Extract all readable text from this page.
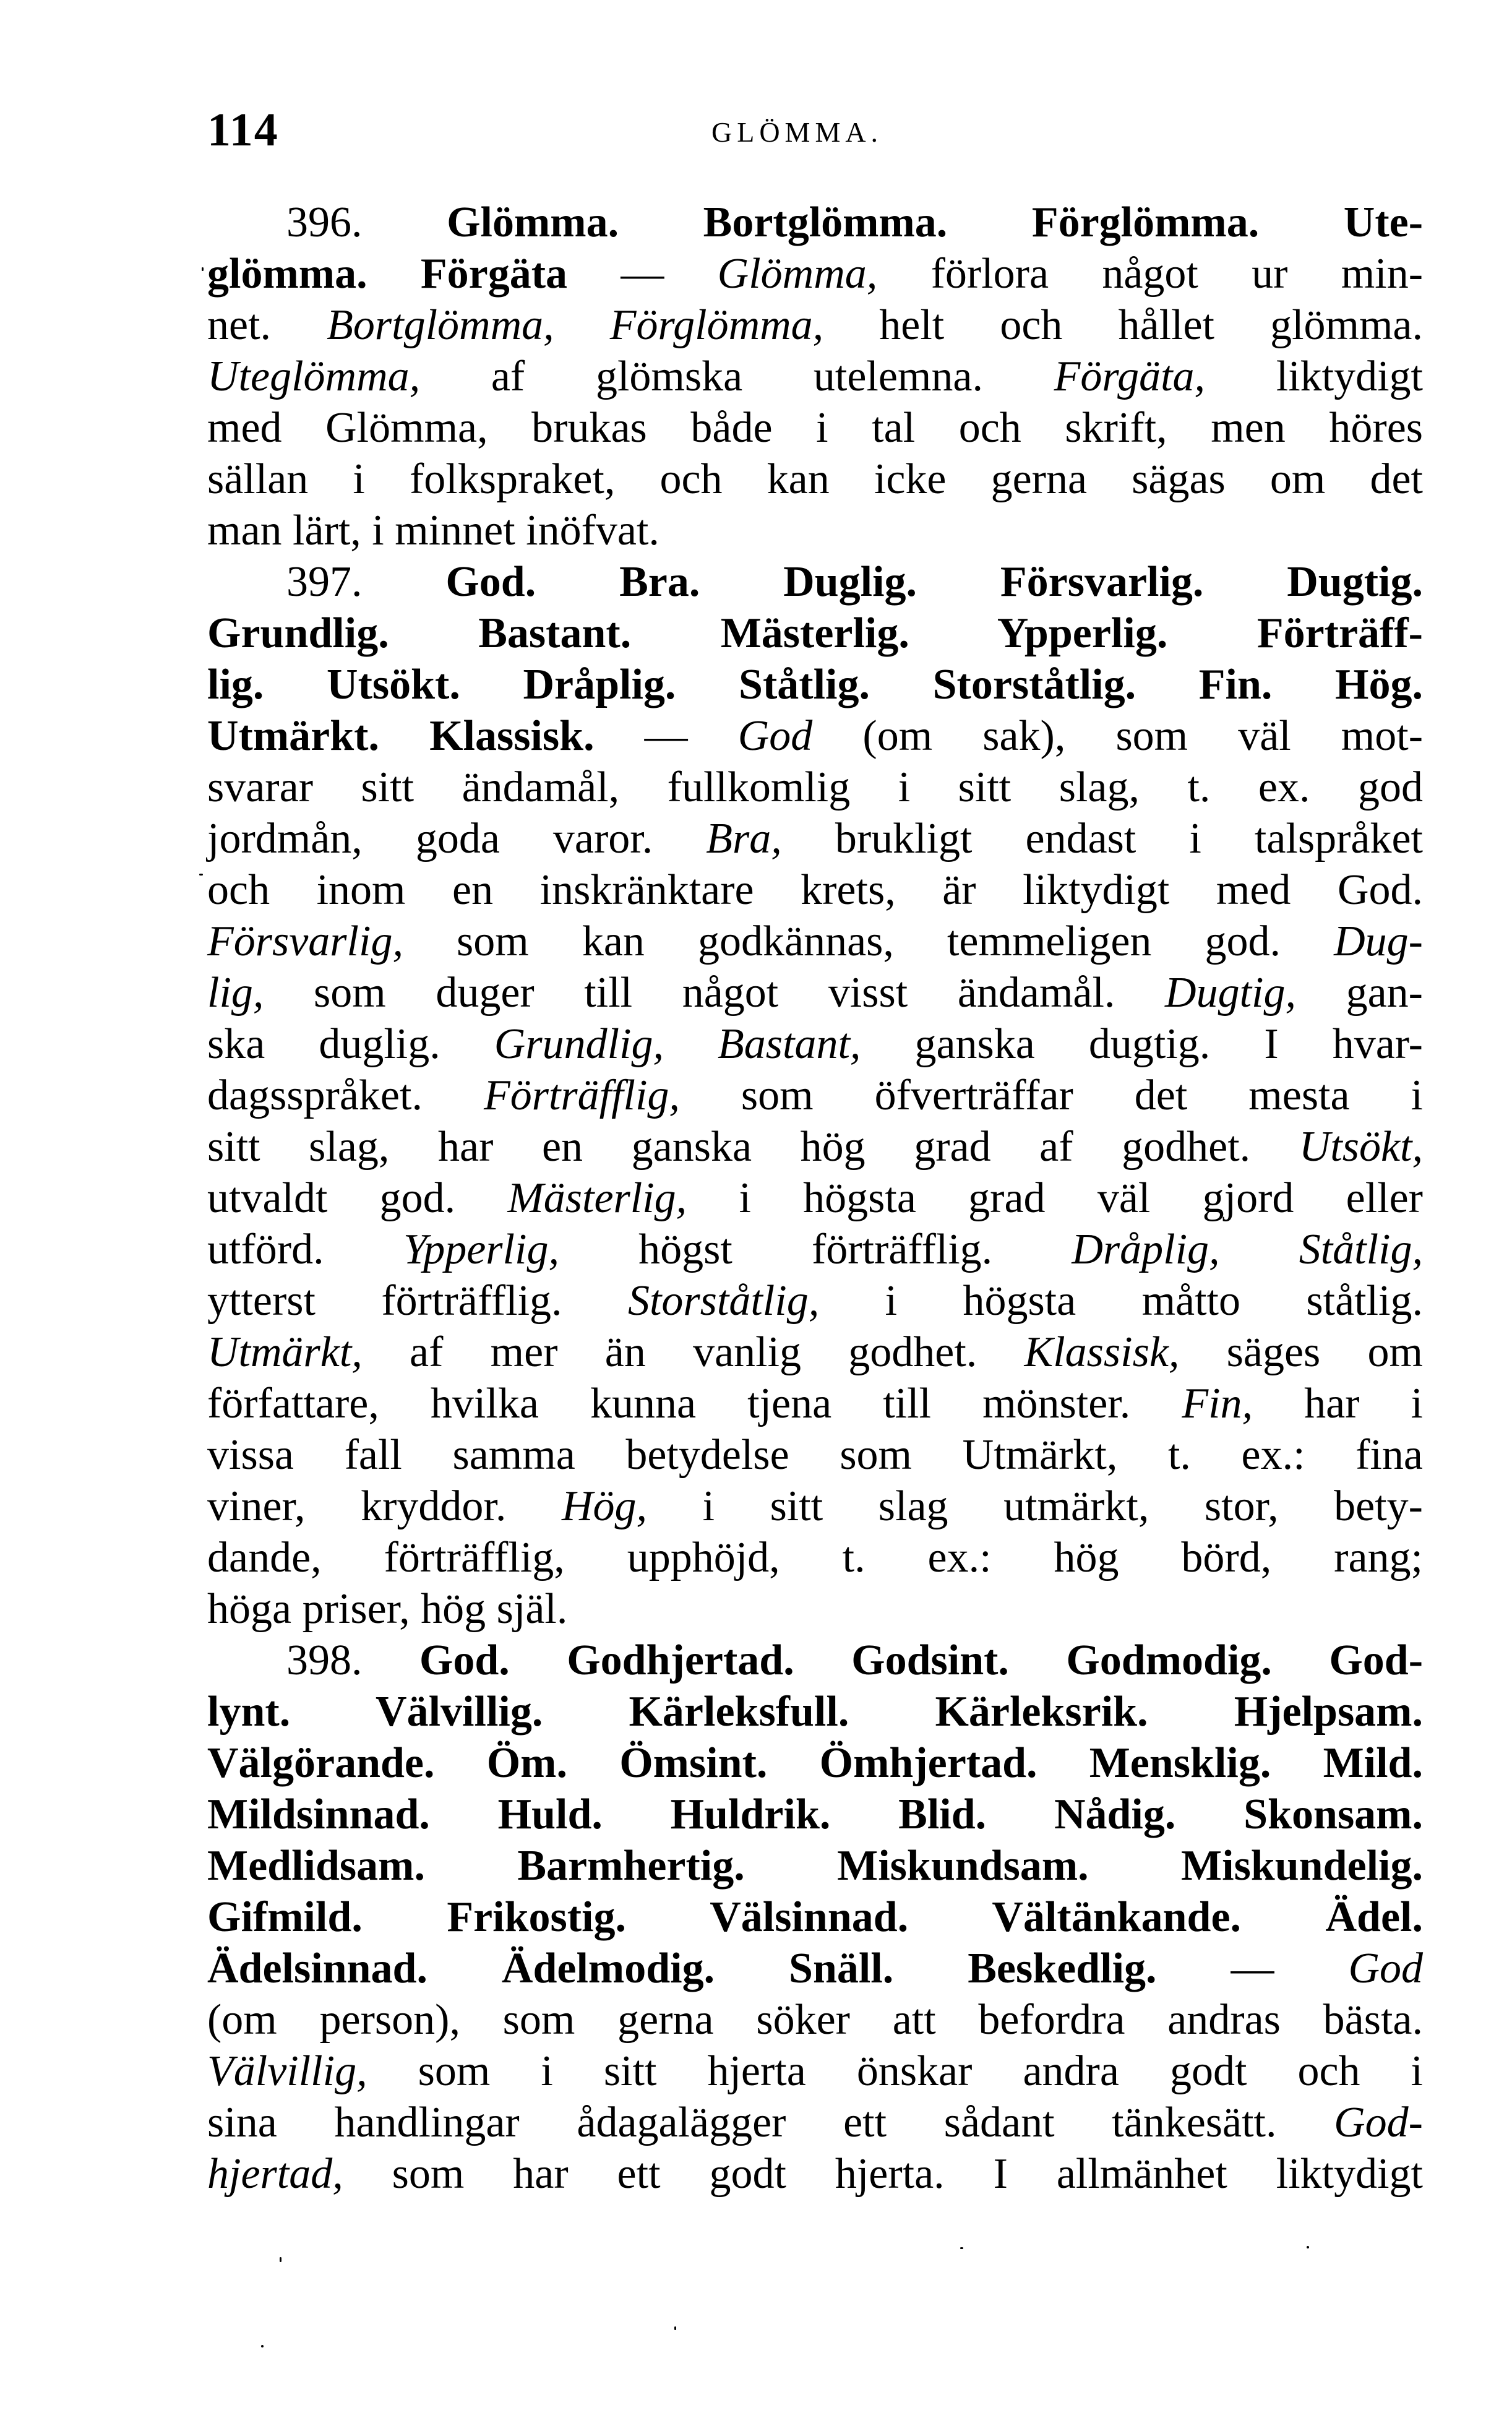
114	GLÖMMA.
396. Glömma. Bortglömma. Förglömma. Ute-
glömma. Förgäta — Glömma, förlora något ur min-
net. Bortglömma, Förglömma, helt och hållet glömma.
Uteglömma, af glömska utelemna. Förgäta, liktydigt
med Glömma, brukas både i tal och skrift, men höres
sällan i folkspraket, och kan icke gerna sägas om det
man lärt, i minnet inöfvat.
397. God. Bra. Duglig. Försvarlig. Dugtig.
Grundlig. Bastant. Mästerlig. Ypperlig. Förträff-
lig. Utsökt. Dråplig. Ståtlig. Storståtlig. Fin. Hög.
Utmärkt. Klassisk. — God (om sak), som väl mot-
svarar sitt ändamål, fullkomlig i sitt slag, t. ex. god
jordmån, goda varor. Bra, brukligt endast i talspråket
och inom en inskränktare krets, är liktydigt med God.
Försvarlig, som kan godkännas, temmeligen god. Dug-
lig, som duger till något visst ändamål. Dugtig, gan-
ska duglig. Grundlig, Bastant, ganska dugtig. I hvar-
dagsspråket. Förträfflig, som öfverträffar det mesta i
sitt slag, har en ganska hög grad af godhet. Utsökt,
utvaldt god. Mästerlig, i högsta grad väl gjord eller
utförd. Ypperlig, högst förträfflig. Dråplig, Ståtlig,
ytterst förträfflig. Storståtlig, i högsta måtto ståtlig.
Utmärkt, af mer än vanlig godhet. Klassisk, säges om
författare, hvilka kunna tjena till mönster. Fin, har i
vissa fall samma betydelse som Utmärkt, t. ex.: fina
viner, kryddor. Hög, i sitt slag utmärkt, stor, bety-
dande, förträfflig, upphöjd, t. ex.: hög börd, rang;
höga priser, hög själ.
398. God. Godhjertad. Godsint. Godmodig. God-
lynt. Välvillig. Kärleksfull. Kärleksrik. Hjelpsam.
Välgörande. Öm. Ömsint. Ömhjertad. Mensklig. Mild.
Mildsinnad. Huld. Huldrik. Blid. Nådig. Skonsam.
Medlidsam. Barmhertig. Miskundsam. Miskundelig.
Gifmild. Frikostig. Välsinnad. Vältänkande. Ädel.
Ädelsinnad. Ädelmodig. Snäll. Beskedlig. — God
(om person), som gerna söker att befordra andras bästa.
Välvillig, som i sitt hjerta önskar andra godt och i
sina handlingar ådagalägger ett sådant tänkesätt. God-
hjertad, som har ett godt hjerta. I allmänhet liktydigt
